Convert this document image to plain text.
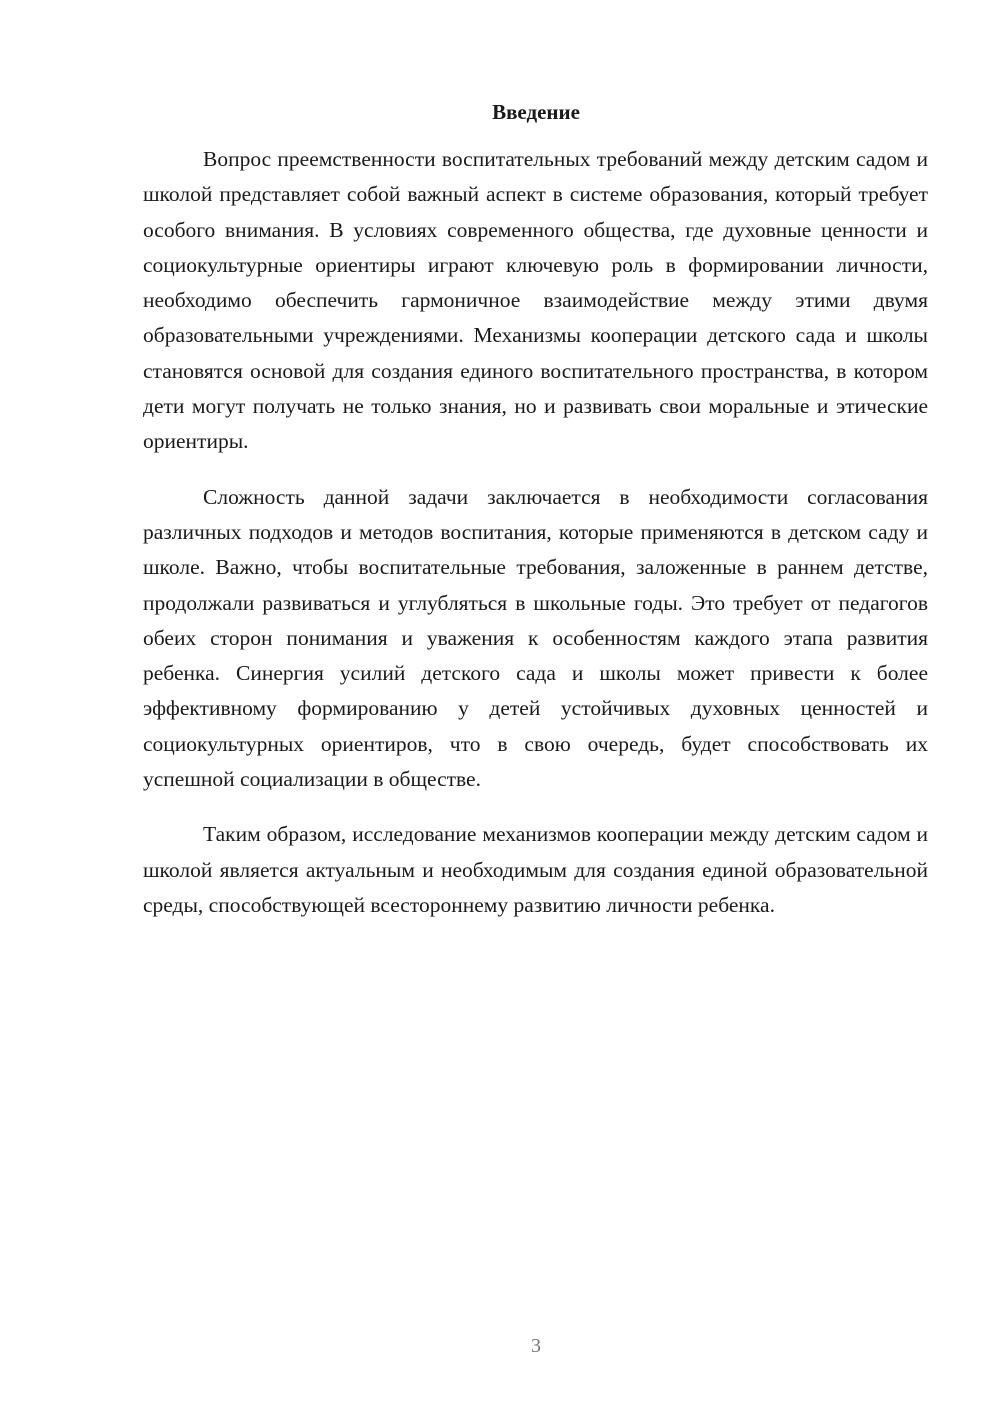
Введение

Вопрос преемственности воспитательных требований между детским садом и школой представляет собой важный аспект в системе образования, который требует особого внимания. В условиях современного общества, где духовные ценности и социокультурные ориентиры играют ключевую роль в формировании личности, необходимо обеспечить гармоничное взаимодействие между этими двумя образовательными учреждениями. Механизмы кооперации детского сада и школы становятся основой для создания единого воспитательного пространства, в котором дети могут получать не только знания, но и развивать свои моральные и этические ориентиры.

Сложность данной задачи заключается в необходимости согласования различных подходов и методов воспитания, которые применяются в детском саду и школе. Важно, чтобы воспитательные требования, заложенные в раннем детстве, продолжали развиваться и углубляться в школьные годы. Это требует от педагогов обеих сторон понимания и уважения к особенностям каждого этапа развития ребенка. Синергия усилий детского сада и школы может привести к более эффективному формированию у детей устойчивых духовных ценностей и социокультурных ориентиров, что в свою очередь, будет способствовать их успешной социализации в обществе.

Таким образом, исследование механизмов кооперации между детским садом и школой является актуальным и необходимым для создания единой образовательной среды, способствующей всестороннему развитию личности ребенка.

3
